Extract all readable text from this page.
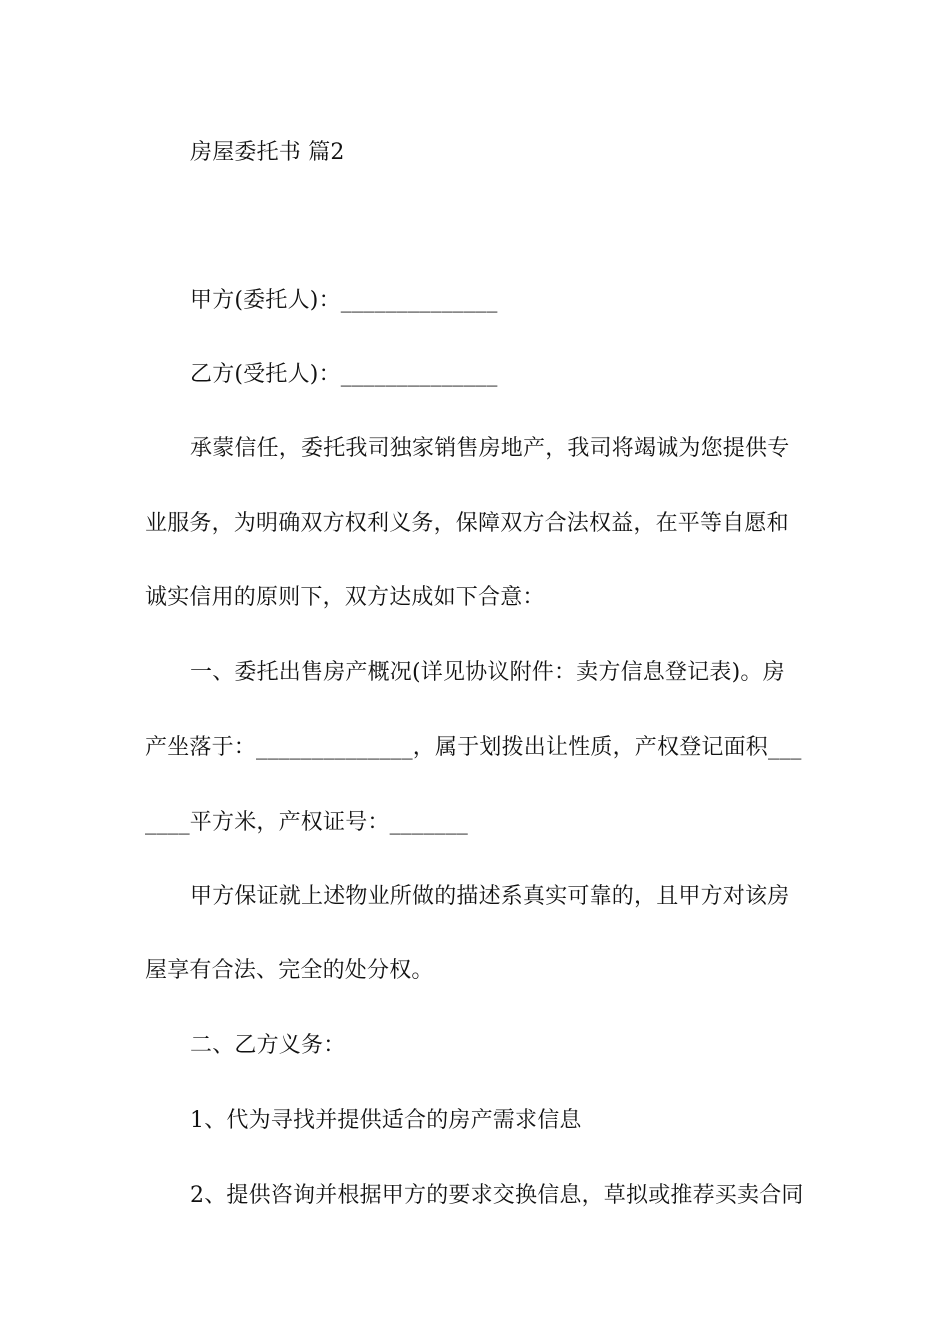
房屋委托书 篇2
甲方(委托人)：______________
乙方(受托人)：______________
承蒙信任，委托我司独家销售房地产，我司将竭诚为您提供专
业服务，为明确双方权利义务，保障双方合法权益，在平等自愿和
诚实信用的原则下，双方达成如下合意：
一、委托出售房产概况(详见协议附件：卖方信息登记表)。房
产坐落于：______________，属于划拨出让性质，产权登记面积___
____平方米，产权证号：_______
甲方保证就上述物业所做的描述系真实可靠的，且甲方对该房
屋享有合法、完全的处分权。
二、乙方义务：
1、代为寻找并提供适合的房产需求信息
2、提供咨询并根据甲方的要求交换信息，草拟或推荐买卖合同
